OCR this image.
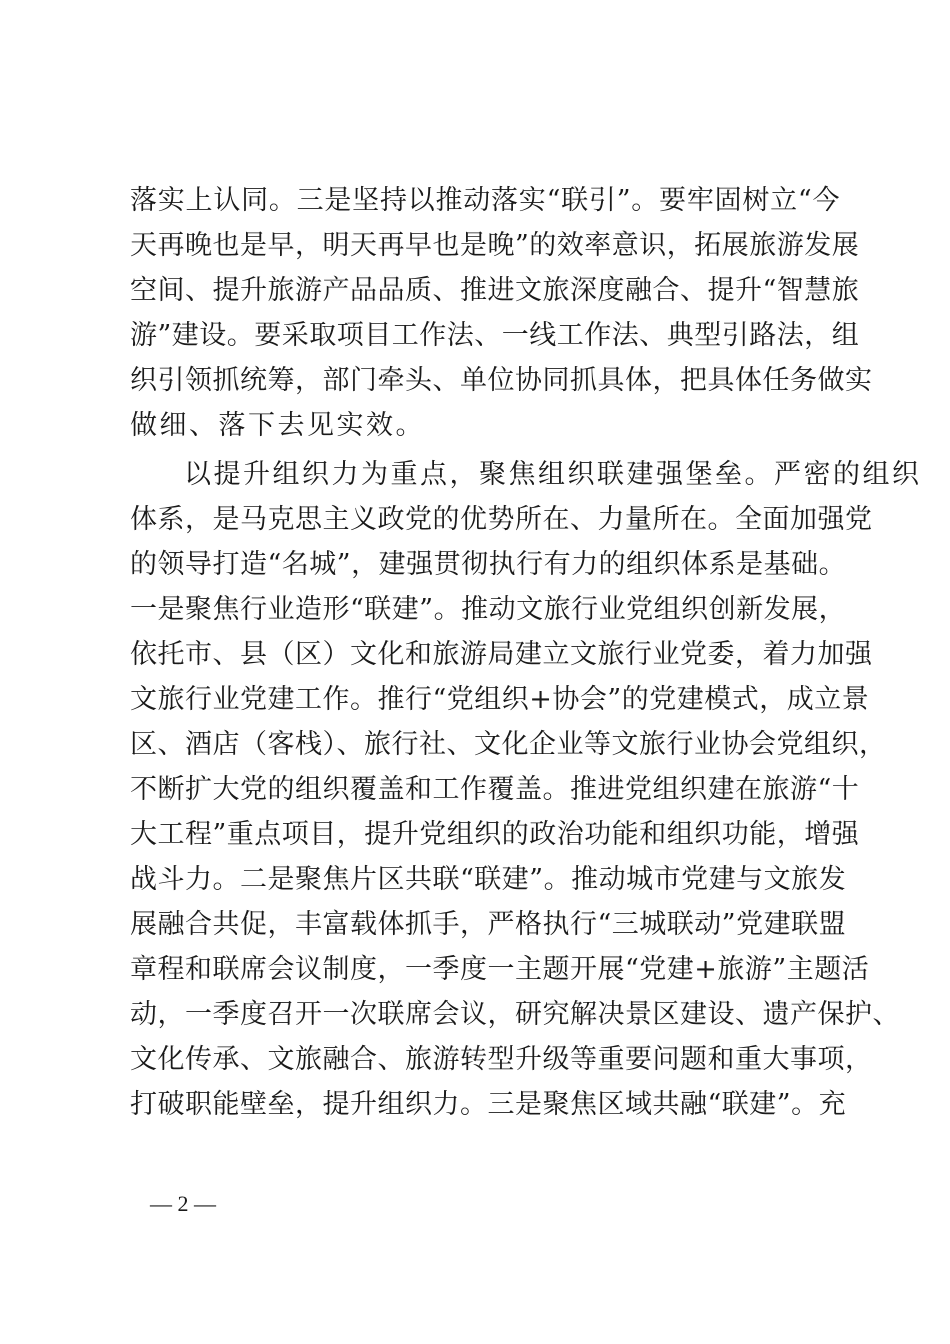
落实上认同。三是坚持以推动落实“联引”。要牢固树立“今
天再晚也是早，明天再早也是晚”的效率意识，拓展旅游发展
空间、提升旅游产品品质、推进文旅深度融合、提升“智慧旅
游”建设。要采取项目工作法、一线工作法、典型引路法，组
织引领抓统筹，部门牵头、单位协同抓具体，把具体任务做实
做细、落下去见实效。
以提升组织力为重点，聚焦组织联建强堡垒。严密的组织
体系，是马克思主义政党的优势所在、力量所在。全面加强党
的领导打造“名城”，建强贯彻执行有力的组织体系是基础。
一是聚焦行业造形“联建”。推动文旅行业党组织创新发展，
依托市、县（区）文化和旅游局建立文旅行业党委，着力加强
文旅行业党建工作。推行“党组织+协会”的党建模式，成立景
区、酒店（客栈）、旅行社、文化企业等文旅行业协会党组织，
不断扩大党的组织覆盖和工作覆盖。推进党组织建在旅游“十
大工程”重点项目，提升党组织的政治功能和组织功能，增强
战斗力。二是聚焦片区共联“联建”。推动城市党建与文旅发
展融合共促，丰富载体抓手，严格执行“三城联动”党建联盟
章程和联席会议制度，一季度一主题开展“党建+旅游”主题活
动，一季度召开一次联席会议，研究解决景区建设、遗产保护、
文化传承、文旅融合、旅游转型升级等重要问题和重大事项，
打破职能壁垒，提升组织力。三是聚焦区域共融“联建”。充
— 2 —
